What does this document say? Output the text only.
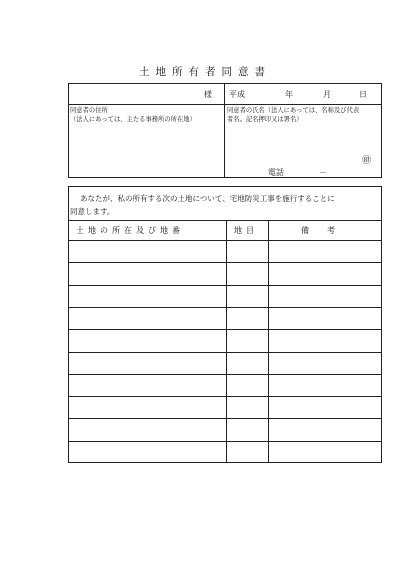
土地所有者同意書
様 平成	年	月	日
同意者の住所
（法人にあっては、主たる事務所の所在地）
同意者の氏名（法人にあっては、名称及び代表
者名。記名押印又は署名）
㊞
電話	－
あなたが、私の所有する次の土地について、宅地防災工事を施行することに
同意します。
土地の所在及び地番	地目	備考
